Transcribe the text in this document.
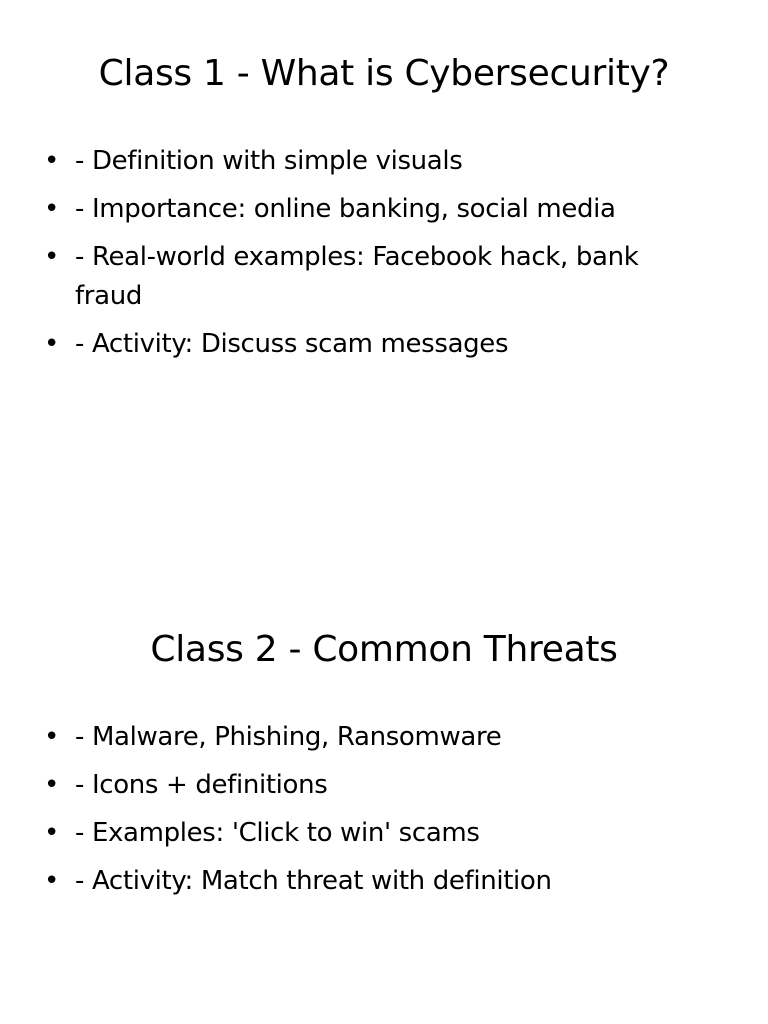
Class 1 - What is Cybersecurity?
• - Definition with simple visuals
• - Importance: online banking, social media
• - Real-world examples: Facebook hack, bank fraud
• - Activity: Discuss scam messages
Class 2 - Common Threats
• - Malware, Phishing, Ransomware
• - Icons + definitions
• - Examples: 'Click to win' scams
• - Activity: Match threat with definition
